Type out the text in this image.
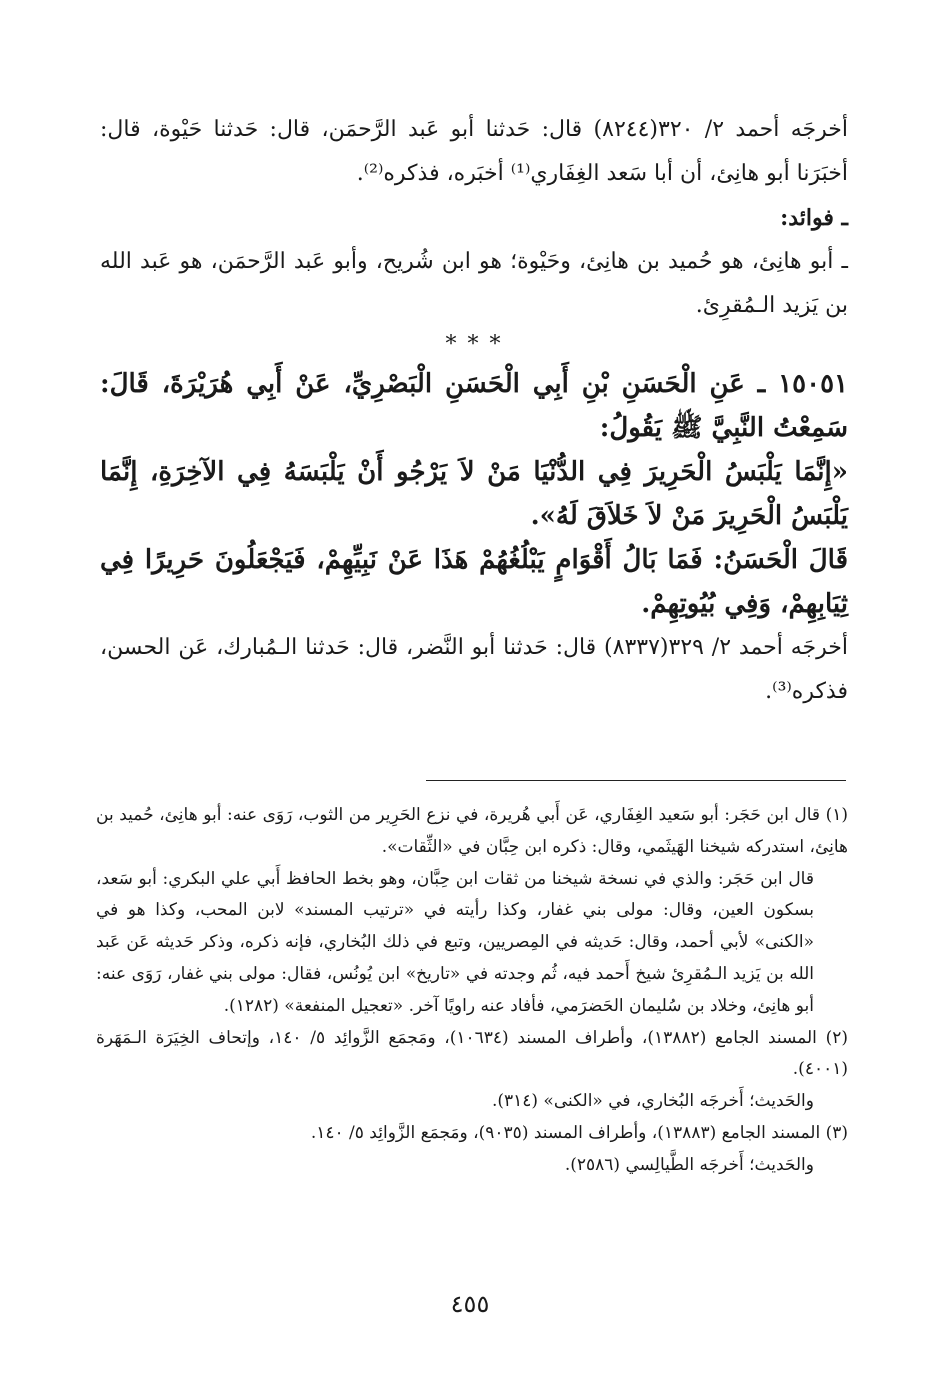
أخرجَه أحمد ٢/ ٣٢٠(٨٢٤٤) قال: حَدثنا أبو عَبد الرَّحمَن، قال: حَدثنا حَيْوة، قال: أخبَرَنا أبو هانِئ، أن أبا سَعد الغِفَاري⁽¹⁾ أخبَره، فذكره⁽²⁾.

ـ فوائد:

ـ أبو هانِئ، هو حُميد بن هانِئ، وحَيْوة؛ هو ابن شُريح، وأبو عَبد الرَّحمَن، هو عَبد الله بن يَزيد الـمُقرِئ.

* * *

١٥٠٥١ ـ عَنِ الْحَسَنِ بْنِ أَبِي الْحَسَنِ الْبَصْرِيِّ، عَنْ أَبِي هُرَيْرَةَ، قَالَ: سَمِعْتُ النَّبِيَّ ﷺ يَقُولُ:

«إِنَّمَا يَلْبَسُ الْحَرِيرَ فِي الدُّنْيَا مَنْ لاَ يَرْجُو أَنْ يَلْبَسَهُ فِي الآخِرَةِ، إِنَّمَا يَلْبَسُ الْحَرِيرَ مَنْ لاَ خَلاَقَ لَهُ».

قَالَ الْحَسَنُ: فَمَا بَالُ أَقْوَامٍ يَبْلُغُهُمْ هَذَا عَنْ نَبِيِّهِمْ، فَيَجْعَلُونَ حَرِيرًا فِي ثِيَابِهِمْ، وَفِي بُيُوتِهِمْ.

أخرجَه أحمد ٢/ ٣٢٩(٨٣٣٧) قال: حَدثنا أبو النَّضر، قال: حَدثنا الـمُبارك، عَن الحسن، فذكره⁽³⁾.

(١) قال ابن حَجَر: أبو سَعيد الغِفَاري، عَن أَبي هُريرة، في نزع الحَرِير من الثوب، رَوَى عنه: أبو هانِئ، حُميد بن هانِئ، استدركه شيخنا الهَيثَمي، وقال: ذكره ابن حِبَّان في «الثِّقات».

قال ابن حَجَر: والذي في نسخة شيخنا من ثقات ابن حِبَّان، وهو بخط الحافظ أَبي علي البكري: أبو سَعد، بسكون العين، وقال: مولى بني غفار، وكذا رأيته في «ترتيب المسند» لابن المحب، وكذا هو في «الكنى» لأبي أحمد، وقال: حَديثه في المِصريين، وتبع في ذلك البُخاري، فإنه ذكره، وذكر حَديثه عَن عَبد الله بن يَزيد الـمُقرِئ شيخ أَحمد فيه، ثُم وجدته في «تاريخ» ابن يُونُس، فقال: مولى بني غفار، رَوَى عنه: أبو هانِئ، وخلاد بن سُليمان الحَضرَمي، فأفاد عنه راويًا آخر. «تعجيل المنفعة» (١٢٨٢).

(٢) المسند الجامع (١٣٨٨٢)، وأطراف المسند (١٠٦٣٤)، ومَجمَع الزَّوائِد ٥/ ١٤٠، وإتحاف الخِيَرَة الـمَهَرة (٤٠٠١).

والحَديث؛ أَخرجَه البُخاري، في «الكنى» (٣١٤).

(٣) المسند الجامع (١٣٨٨٣)، وأطراف المسند (٩٠٣٥)، ومَجمَع الزَّوائِد ٥/ ١٤٠.

والحَديث؛ أَخرجَه الطَّيالِسي (٢٥٨٦).

٤٥٥
